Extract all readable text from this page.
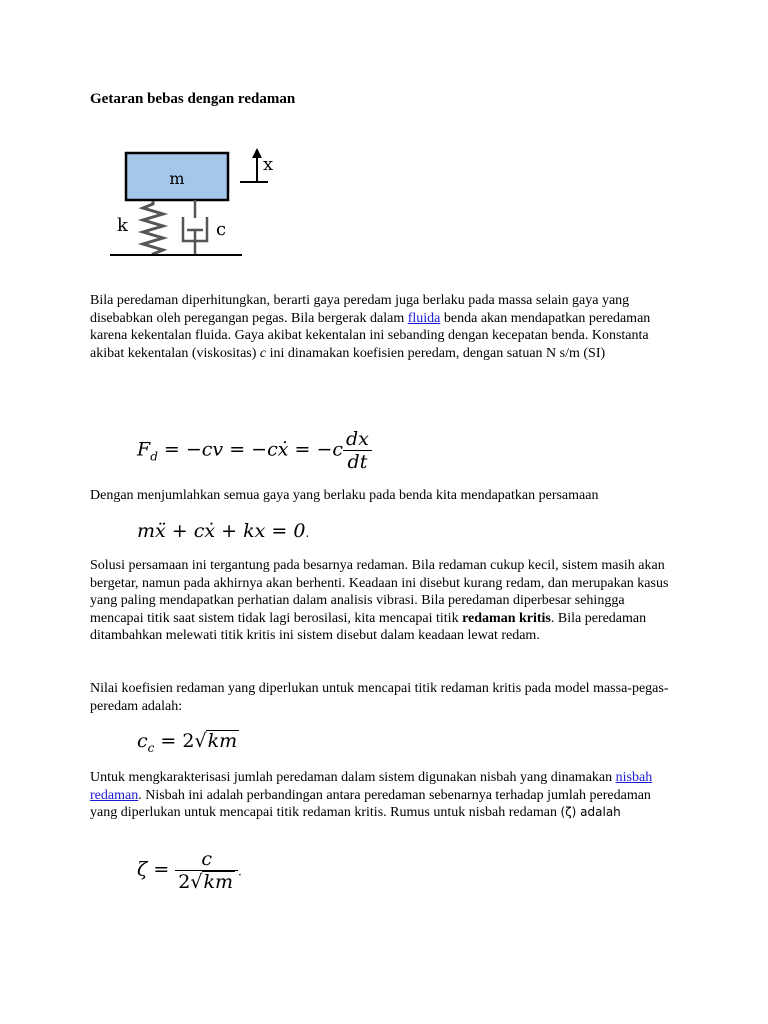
Getaran bebas dengan redaman
m
k	c
x
Bila peredaman diperhitungkan, berarti gaya peredam juga berlaku pada massa selain gaya yang disebabkan oleh peregangan pegas. Bila bergerak dalam fluida benda akan mendapatkan peredaman karena kekentalan fluida. Gaya akibat kekentalan ini sebanding dengan kecepatan benda. Konstanta akibat kekentalan (viskositas) c ini dinamakan koefisien peredam, dengan satuan N s/m (SI)
$F_d = -cv$ = −cẋ = $-c \frac{dx}{dt}$
Dengan menjumlahkan semua gaya yang berlaku pada benda kita mendapatkan persamaan
mẍ + cẋ + kx = 0.
Solusi persamaan ini tergantung pada besarnya redaman. Bila redaman cukup kecil, sistem masih akan bergetar, namun pada akhirnya akan berhenti. Keadaan ini disebut kurang redam, dan merupakan kasus yang paling mendapatkan perhatian dalam analisis vibrasi. Bila peredaman diperbesar sehingga mencapai titik saat sistem tidak lagi berosilasi, kita mencapai titik redaman kritis. Bila peredaman ditambahkan melewati titik kritis ini sistem disebut dalam keadaan lewat redam.
Nilai koefisien redaman yang diperlukan untuk mencapai titik redaman kritis pada model massa-pegas-peredam adalah:
$c_c = 2√km$
Untuk mengkarakterisasi jumlah peredaman dalam sistem digunakan nisbah yang dinamakan nisbah redaman. Nisbah ini adalah perbandingan antara peredaman sebenarnya terhadap jumlah peredaman yang diperlukan untuk mencapai titik redaman kritis. Rumus untuk nisbah redaman (ζ) adalah
$\zeta = \frac{c}{2√km}$ .
